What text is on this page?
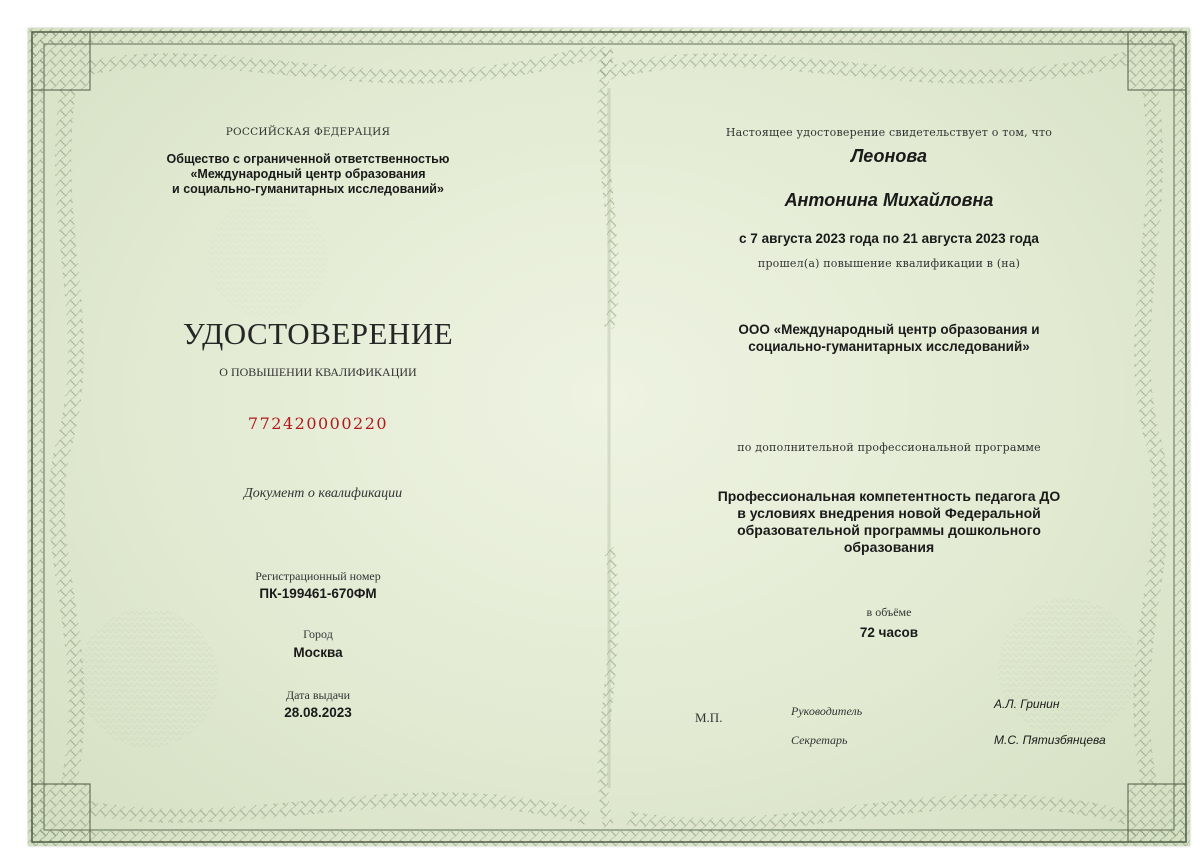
РОССИЙСКАЯ ФЕДЕРАЦИЯ
Общество с ограниченной ответственностью
«Международный центр образования
и социально-гуманитарных исследований»
УДОСТОВЕРЕНИЕ
О ПОВЫШЕНИИ КВАЛИФИКАЦИИ
772420000220
Документ о квалификации
Регистрационный номер
ПК-199461-670ФМ
Город
Москва
Дата выдачи
28.08.2023
Настоящее удостоверение свидетельствует о том, что
Леонова
Антонина Михайловна
с 7 августа 2023 года по 21 августа 2023 года
прошел(а) повышение квалификации в (на)
ООО «Международный центр образования и
социально-гуманитарных исследований»
по дополнительной профессиональной программе
Профессиональная компетентность педагога ДО
в условиях внедрения новой Федеральной
образовательной программы дошкольного
образования
в объёме
72 часов
М.П.	Руководитель	А.Л. Гринин
Секретарь	М.С. Пятизбянцева
